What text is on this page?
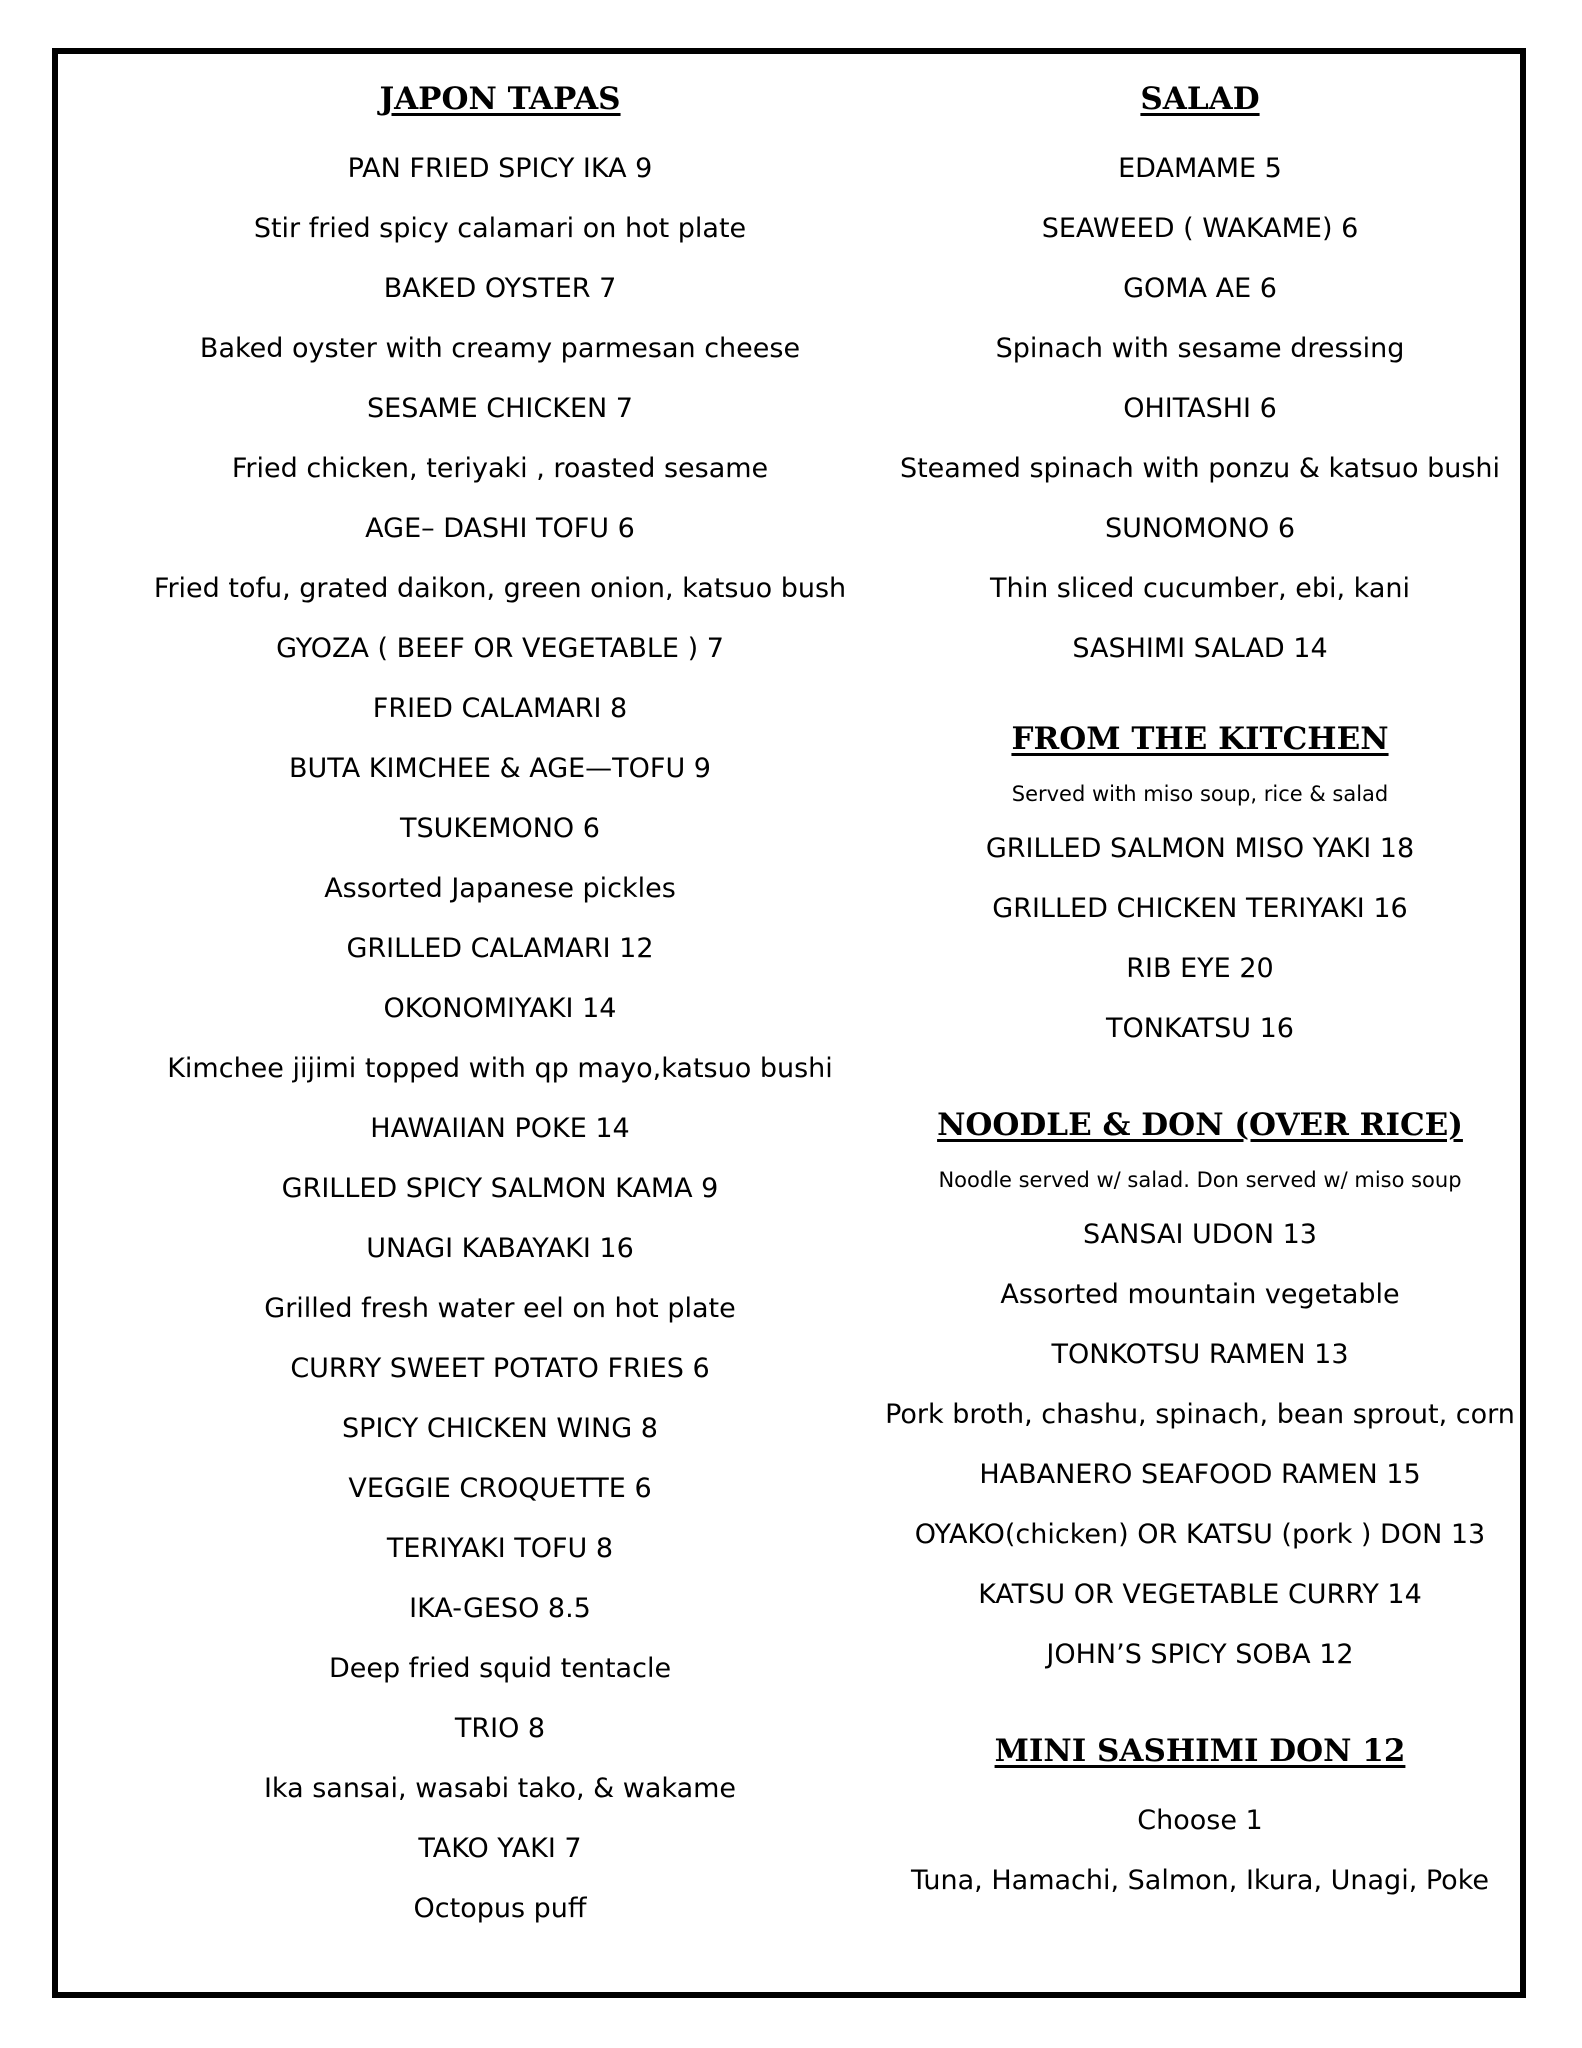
JAPON TAPAS
PAN FRIED SPICY IKA 9
Stir fried spicy calamari on hot plate
BAKED OYSTER 7
Baked oyster with creamy parmesan cheese
SESAME CHICKEN 7
Fried chicken, teriyaki , roasted sesame
AGE– DASHI TOFU 6
Fried tofu, grated daikon, green onion, katsuo bush
GYOZA ( BEEF OR VEGETABLE ) 7
FRIED CALAMARI 8
BUTA KIMCHEE & AGE—TOFU 9
TSUKEMONO 6
Assorted Japanese pickles
GRILLED CALAMARI 12
OKONOMIYAKI 14
Kimchee jijimi topped with qp mayo,katsuo bushi
HAWAIIAN POKE 14
GRILLED SPICY SALMON KAMA 9
UNAGI KABAYAKI 16
Grilled fresh water eel on hot plate
CURRY SWEET POTATO FRIES 6
SPICY CHICKEN WING 8
VEGGIE CROQUETTE 6
TERIYAKI TOFU 8
IKA-GESO 8.5
Deep fried squid tentacle
TRIO 8
Ika sansai, wasabi tako, & wakame
TAKO YAKI 7
Octopus puff
SALAD
EDAMAME 5
SEAWEED ( WAKAME) 6
GOMA AE 6
Spinach with sesame dressing
OHITASHI 6
Steamed spinach with ponzu & katsuo bushi
SUNOMONO 6
Thin sliced cucumber, ebi, kani
SASHIMI SALAD 14
FROM THE KITCHEN
Served with miso soup, rice & salad
GRILLED SALMON MISO YAKI 18
GRILLED CHICKEN TERIYAKI 16
RIB EYE 20
TONKATSU 16
NOODLE & DON (OVER RICE)
Noodle served w/ salad. Don served w/ miso soup
SANSAI UDON 13
Assorted mountain vegetable
TONKOTSU RAMEN 13
Pork broth, chashu, spinach, bean sprout, corn
HABANERO SEAFOOD RAMEN 15
OYAKO(chicken) OR KATSU (pork ) DON 13
KATSU OR VEGETABLE CURRY 14
JOHN’S SPICY SOBA 12
MINI SASHIMI DON 12
Choose 1
Tuna, Hamachi, Salmon, Ikura, Unagi, Poke
